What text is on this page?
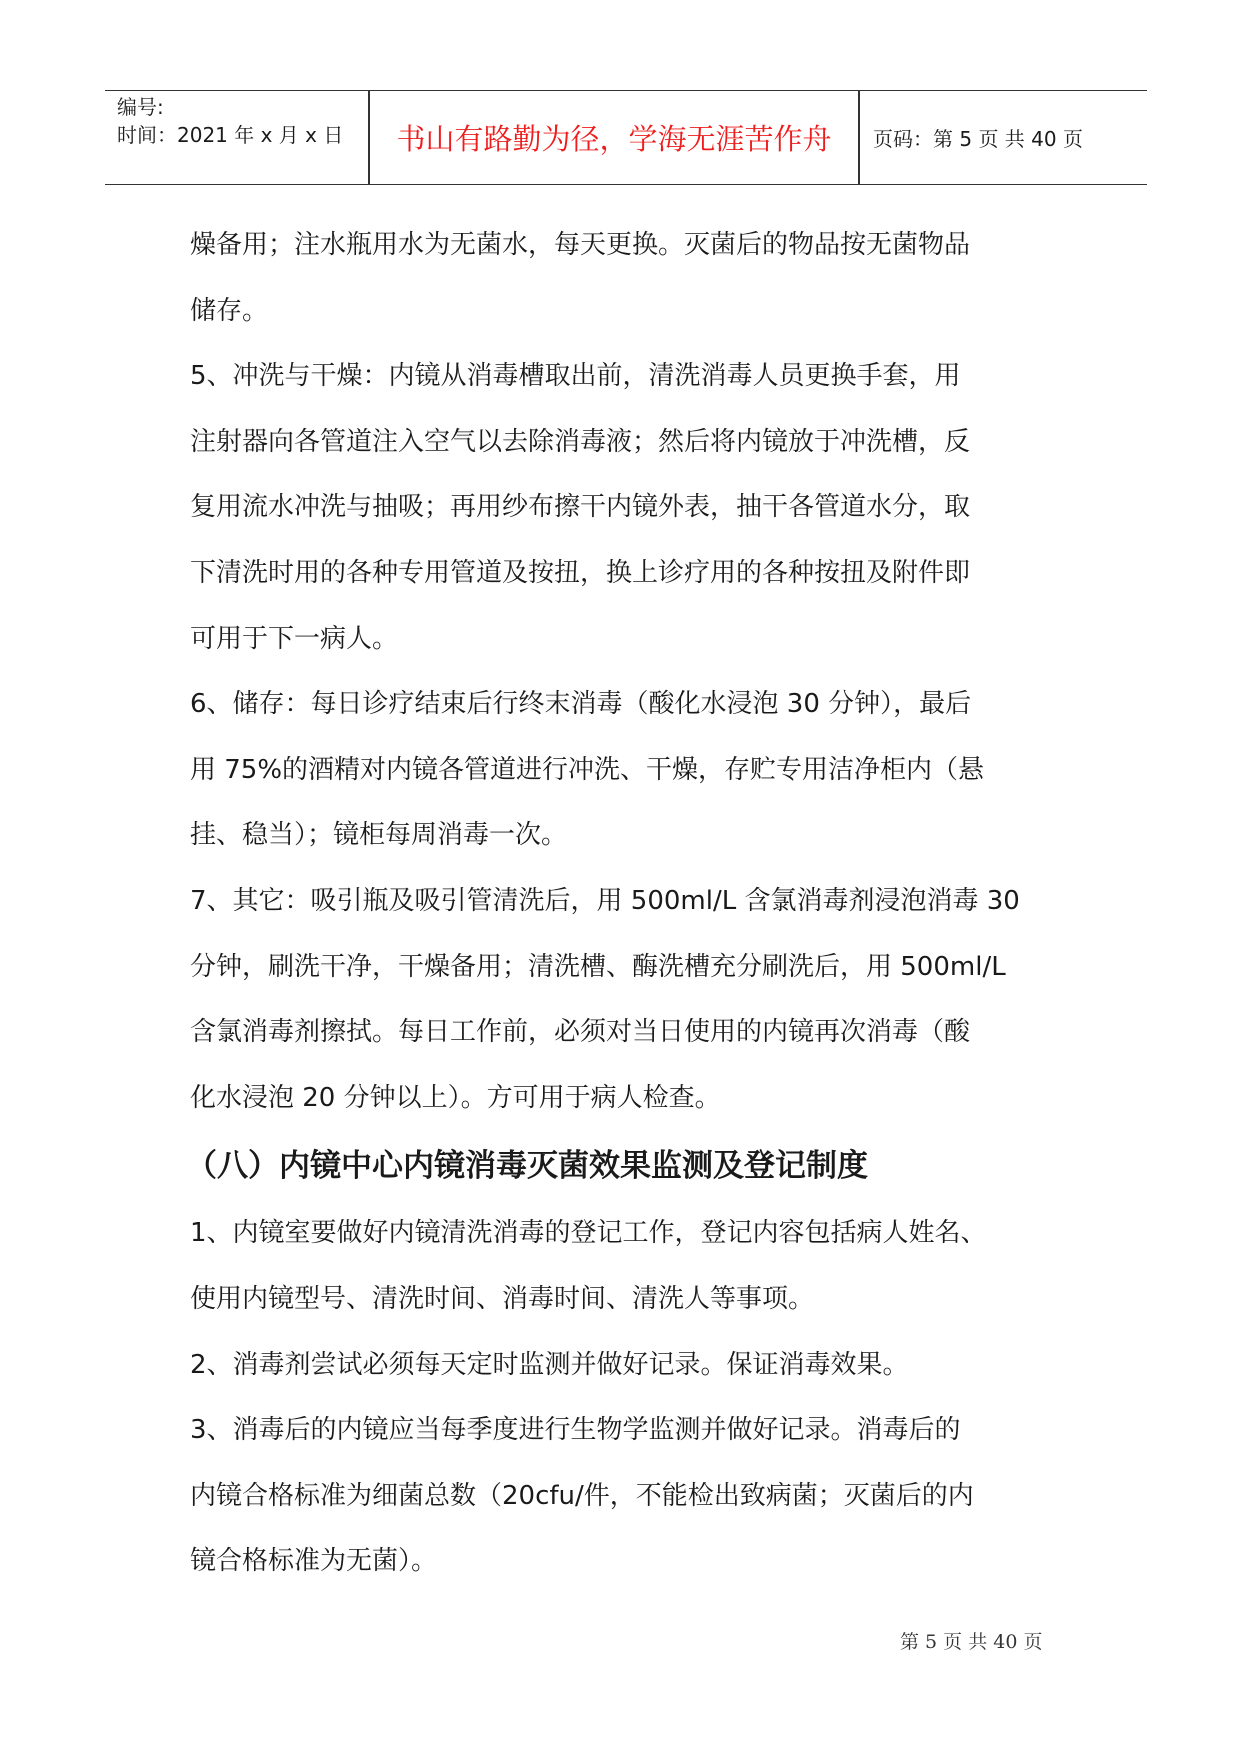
编号:
时间：2021 年 x 月 x 日	书山有路勤为径，学海无涯苦作舟	页码：第 5 页 共 40 页

燥备用；注水瓶用水为无菌水，每天更换。灭菌后的物品按无菌物品

储存。

5、冲洗与干燥：内镜从消毒槽取出前，清洗消毒人员更换手套，用

注射器向各管道注入空气以去除消毒液；然后将内镜放于冲洗槽，反

复用流水冲洗与抽吸；再用纱布擦干内镜外表，抽干各管道水分，取

下清洗时用的各种专用管道及按扭，换上诊疗用的各种按扭及附件即

可用于下一病人。

6、储存：每日诊疗结束后行终末消毒（酸化水浸泡 30 分钟），最后

用 75%的酒精对内镜各管道进行冲洗、干燥，存贮专用洁净柜内（悬

挂、稳当）；镜柜每周消毒一次。

7、其它：吸引瓶及吸引管清洗后，用 500ml/L 含氯消毒剂浸泡消毒 30

分钟，刷洗干净，干燥备用；清洗槽、酶洗槽充分刷洗后，用 500ml/L

含氯消毒剂擦拭。每日工作前，必须对当日使用的内镜再次消毒（酸

化水浸泡 20 分钟以上）。方可用于病人检查。

（八）内镜中心内镜消毒灭菌效果监测及登记制度

1、内镜室要做好内镜清洗消毒的登记工作，登记内容包括病人姓名、

使用内镜型号、清洗时间、消毒时间、清洗人等事项。

2、消毒剂尝试必须每天定时监测并做好记录。保证消毒效果。

3、消毒后的内镜应当每季度进行生物学监测并做好记录。消毒后的

内镜合格标准为细菌总数（20cfu/件，不能检出致病菌；灭菌后的内

镜合格标准为无菌）。

第 5 页 共 40 页
